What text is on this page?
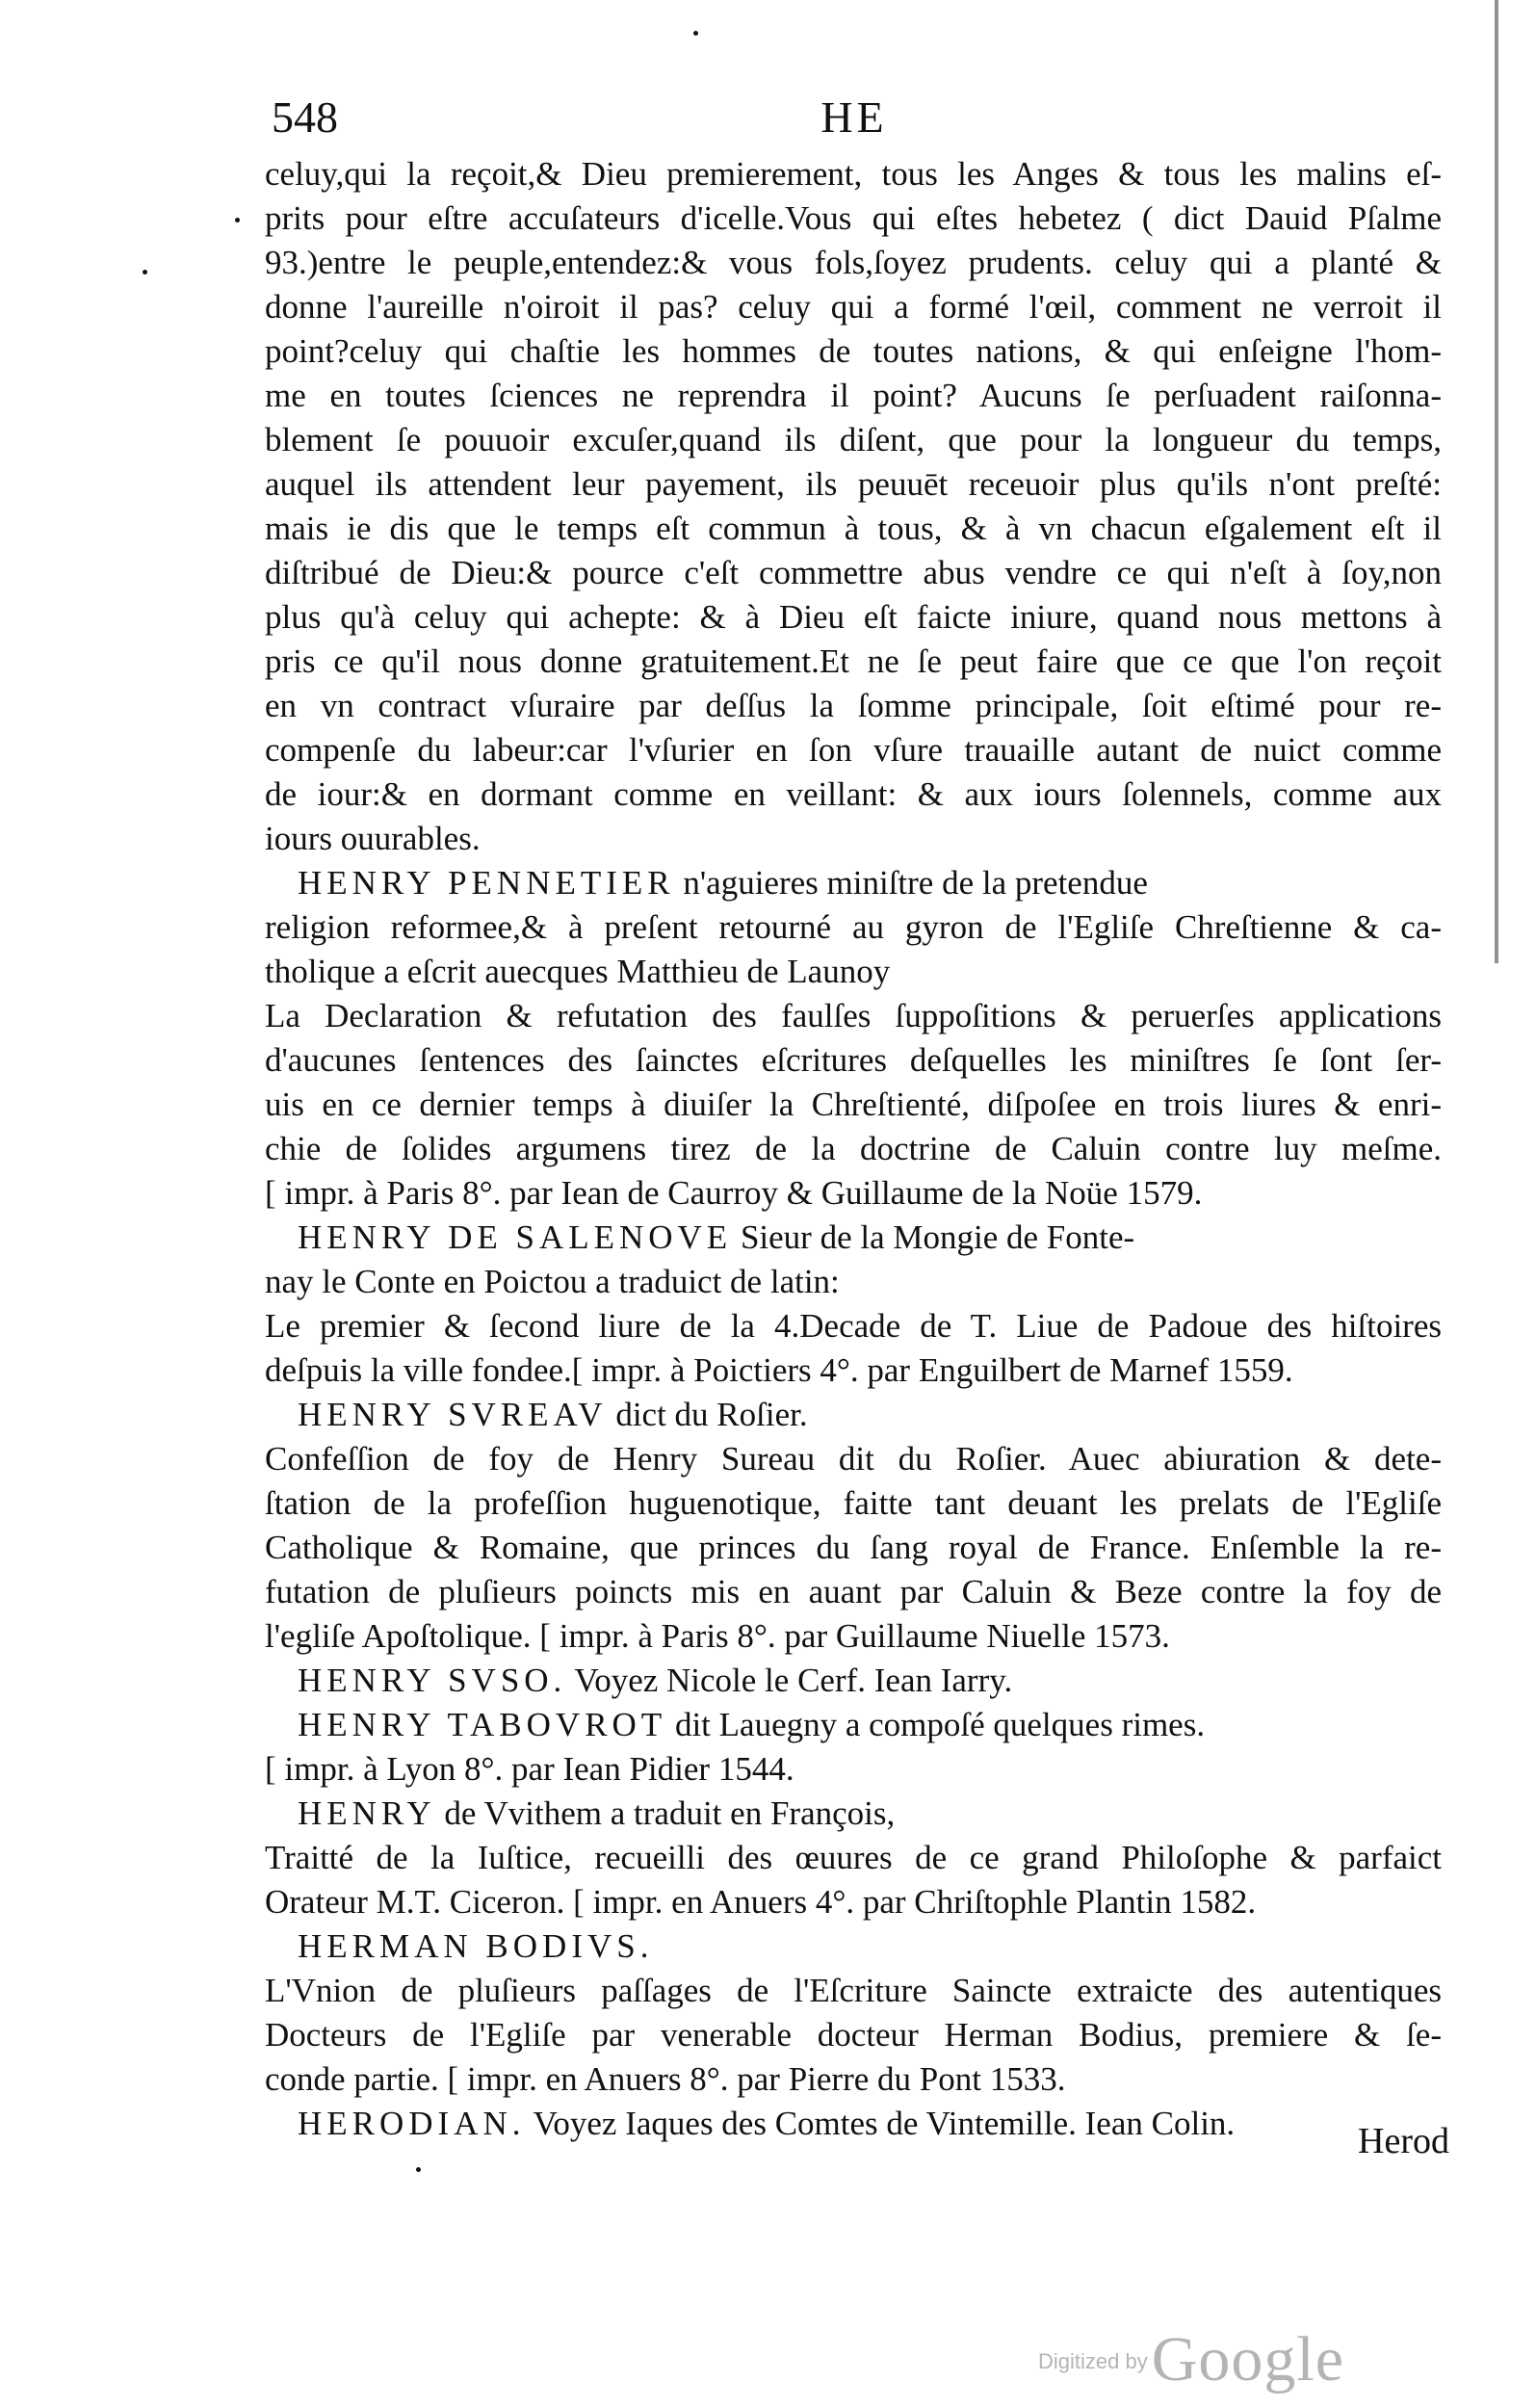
548	HE
celuy,qui la reçoit,& Dieu premierement, tous les Anges & tous les malins eſ-
prits pour eſtre accuſateurs d'icelle.Vous qui eſtes hebetez ( dict Dauid Pſalme
93.)entre le peuple,entendez:& vous fols,ſoyez prudents. celuy qui a planté &
donne l'aureille n'oiroit il pas? celuy qui a formé l'œil, comment ne verroit il
point?celuy qui chaſtie les hommes de toutes nations, & qui enſeigne l'hom-
me en toutes ſciences ne reprendra il point? Aucuns ſe perſuadent raiſonna-
blement ſe pouuoir excuſer,quand ils diſent, que pour la longueur du temps,
auquel ils attendent leur payement, ils peuuēt receuoir plus qu'ils n'ont preſté:
mais ie dis que le temps eſt commun à tous, & à vn chacun eſgalement eſt il
diſtribué de Dieu:& pource c'eſt commettre abus vendre ce qui n'eſt à ſoy,non
plus qu'à celuy qui achepte: & à Dieu eſt faicte iniure, quand nous mettons à
pris ce qu'il nous donne gratuitement.Et ne ſe peut faire que ce que l'on reçoit
en vn contract vſuraire par deſſus la ſomme principale, ſoit eſtimé pour re-
compenſe du labeur:car l'vſurier en ſon vſure trauaille autant de nuict comme
de iour:& en dormant comme en veillant: & aux iours ſolennels, comme aux
iours ouurables.
HENRY PENNETIER n'aguieres miniſtre de la pretendue
religion reformee,& à preſent retourné au gyron de l'Egliſe Chreſtienne & ca-
tholique a eſcrit auecques Matthieu de Launoy
La Declaration & refutation des faulſes ſuppoſitions & peruerſes applications
d'aucunes ſentences des ſainctes eſcritures deſquelles les miniſtres ſe ſont ſer-
uis en ce dernier temps à diuiſer la Chreſtienté, diſpoſee en trois liures & enri-
chie de ſolides argumens tirez de la doctrine de Caluin contre luy meſme.
[ impr. à Paris 8°. par Iean de Caurroy & Guillaume de la Noüe 1579.
HENRY DE SALENOVE Sieur de la Mongie de Fonte-
nay le Conte en Poictou a traduict de latin:
Le premier & ſecond liure de la 4.Decade de T. Liue de Padoue des hiſtoires
deſpuis la ville fondee.[ impr. à Poictiers 4°. par Enguilbert de Marnef 1559.
HENRY SVREAV dict du Roſier.
Confeſſion de foy de Henry Sureau dit du Roſier. Auec abiuration & dete-
ſtation de la profeſſion huguenotique, faitte tant deuant les prelats de l'Egliſe
Catholique & Romaine, que princes du ſang royal de France. Enſemble la re-
futation de pluſieurs poincts mis en auant par Caluin & Beze contre la foy de
l'egliſe Apoſtolique. [ impr. à Paris 8°. par Guillaume Niuelle 1573.
HENRY SVSO. Voyez Nicole le Cerf. Iean Iarry.
HENRY TABOVROT dit Lauegny a compoſé quelques rimes.
[ impr. à Lyon 8°. par Iean Pidier 1544.
HENRY de Vvithem a traduit en François,
Traitté de la Iuſtice, recueilli des œuures de ce grand Philoſophe & parfaict
Orateur M.T. Ciceron. [ impr. en Anuers 4°. par Chriſtophle Plantin 1582.
HERMAN BODIVS.
L'Vnion de pluſieurs paſſages de l'Eſcriture Saincte extraicte des autentiques
Docteurs de l'Egliſe par venerable docteur Herman Bodius, premiere & ſe-
conde partie. [ impr. en Anuers 8°. par Pierre du Pont 1533.
HERODIAN. Voyez Iaques des Comtes de Vintemille. Iean Colin.	Herod
Digitized by Google
